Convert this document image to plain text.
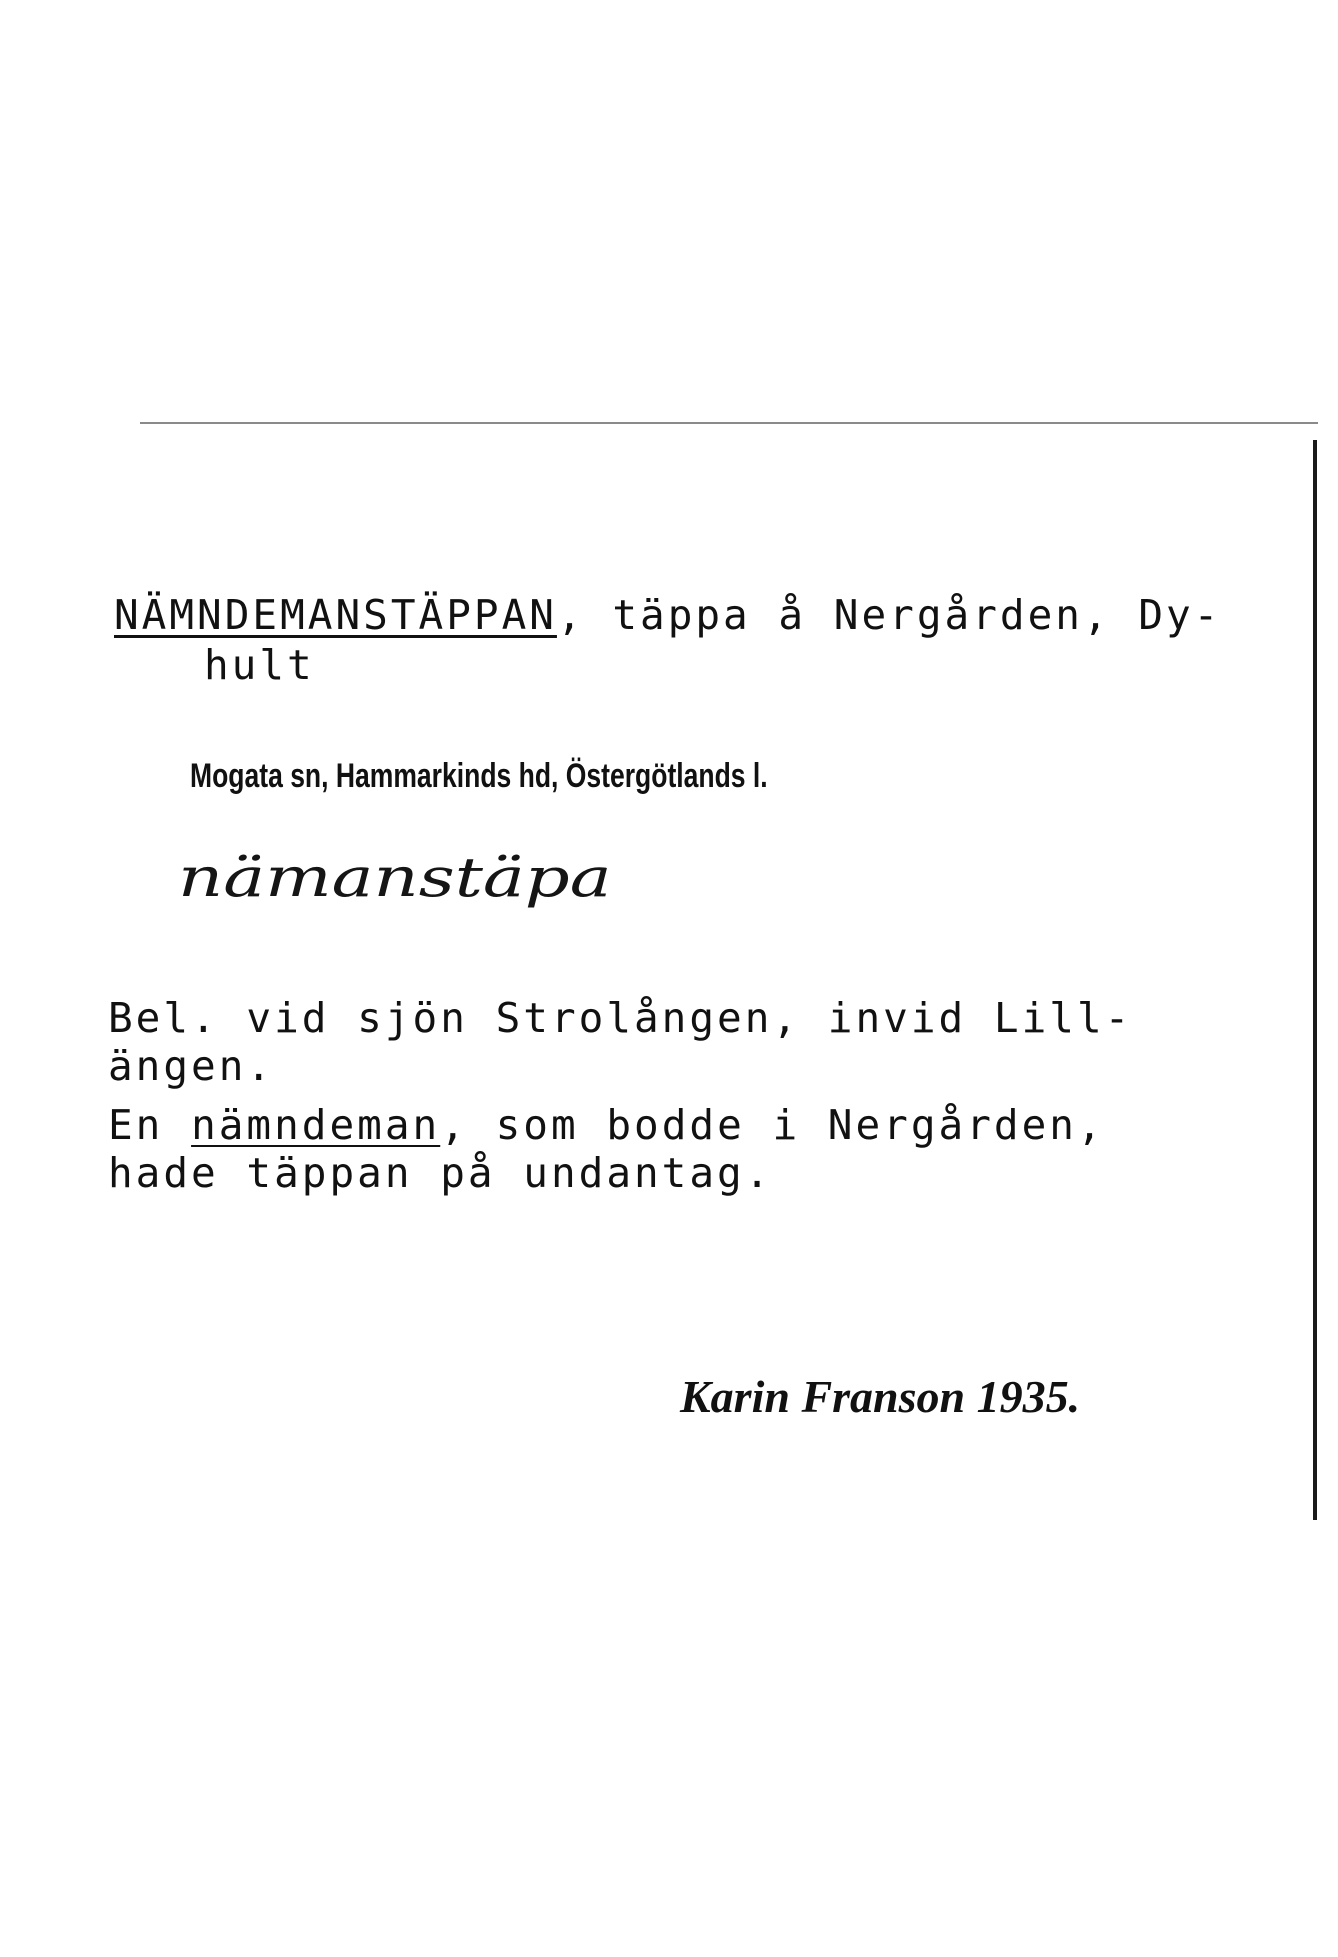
NÄMNDEMANSTÄPPAN, täppa å Nergården, Dy-

hult

Mogata sn, Hammarkinds hd, Östergötlands l.

nämanstäpa

Bel. vid sjön Strolången, invid Lill-

ängen.

En nämndeman, som bodde i Nergården,

hade täppan på undantag.

Karin Franson 1935.
